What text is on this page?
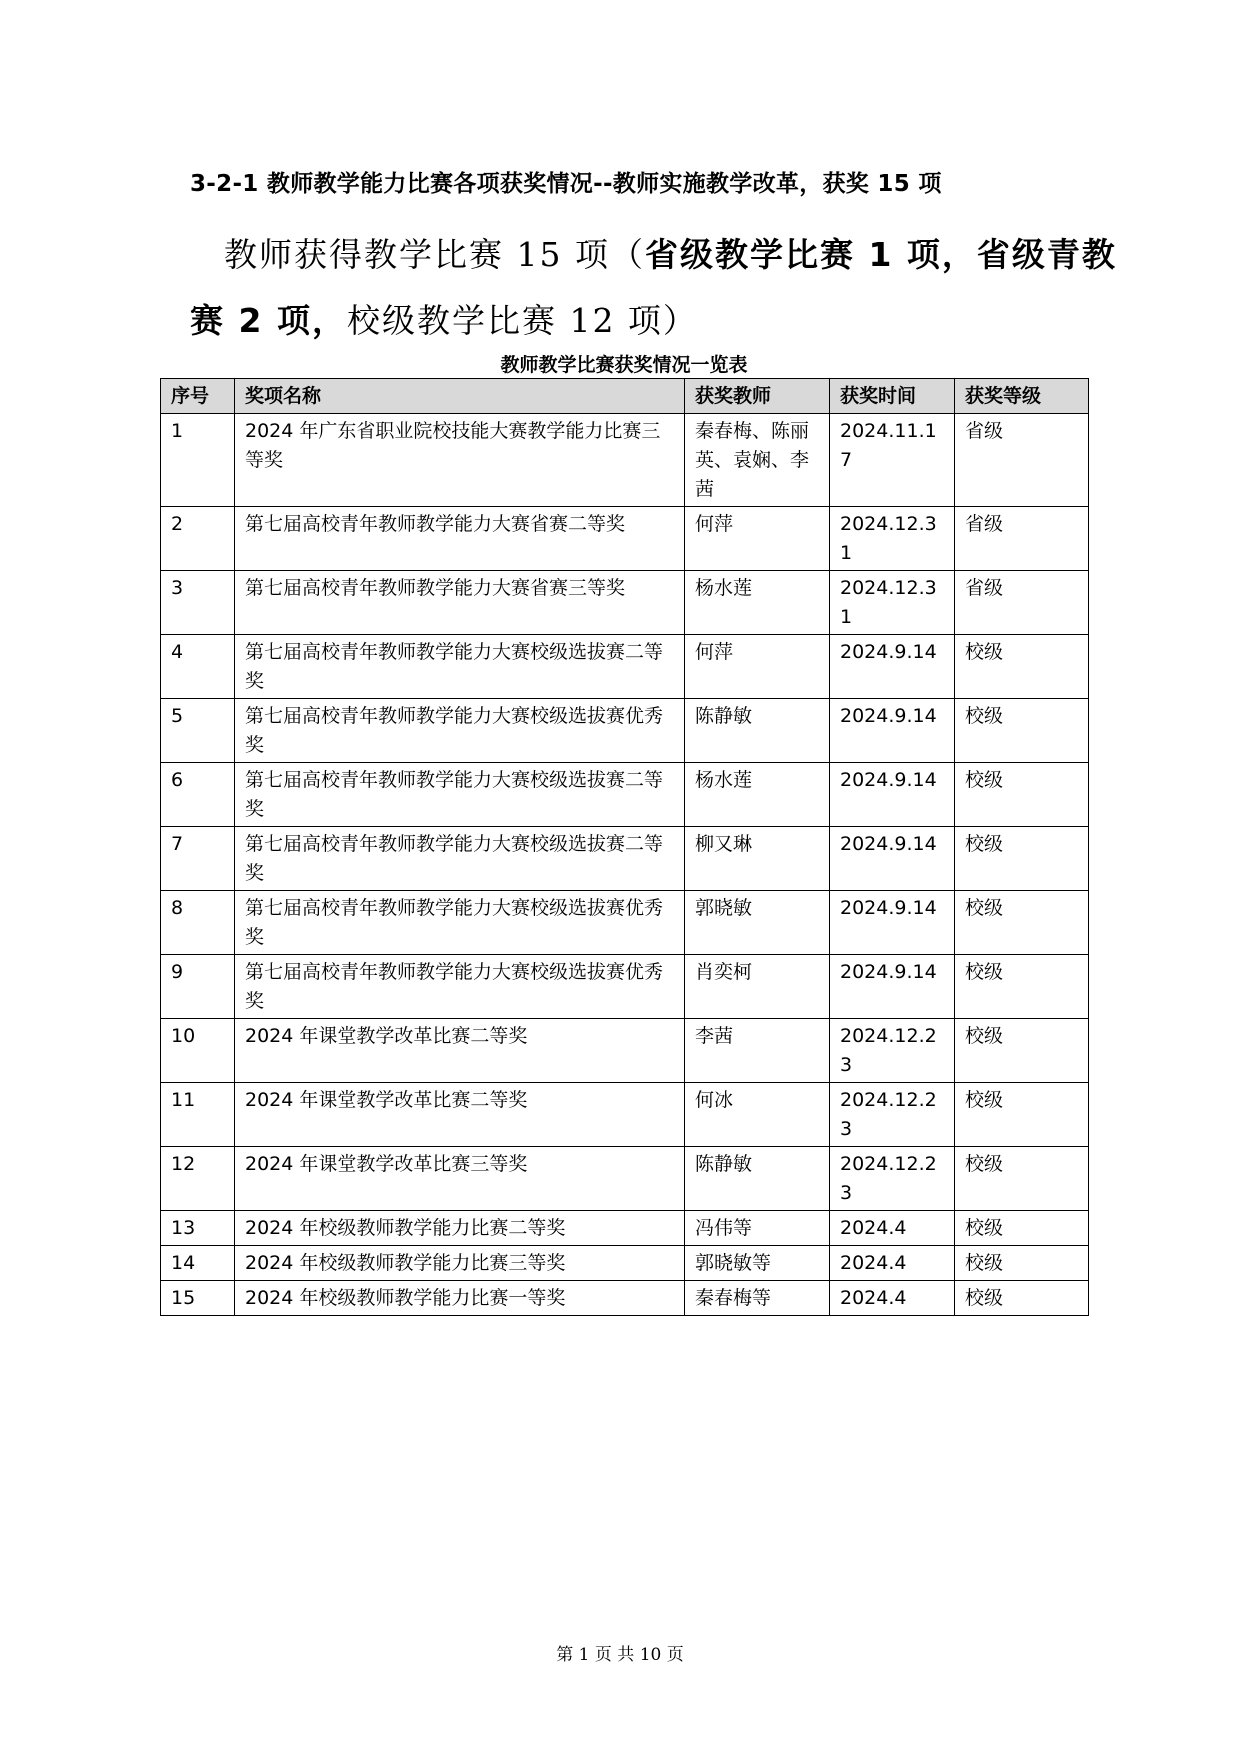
3-2-1 教师教学能力比赛各项获奖情况--教师实施教学改革，获奖 15 项
教师获得教学比赛 15 项（省级教学比赛 1 项，省级青教
赛 2 项，校级教学比赛 12 项）
教师教学比赛获奖情况一览表
序号	奖项名称	获奖教师	获奖时间	获奖等级
1	2024 年广东省职业院校技能大赛教学能力比赛三等奖	秦春梅、陈丽英、袁娴、李茜	2024.11.17	省级
2	第七届高校青年教师教学能力大赛省赛二等奖	何萍	2024.12.31	省级
3	第七届高校青年教师教学能力大赛省赛三等奖	杨水莲	2024.12.31	省级
4	第七届高校青年教师教学能力大赛校级选拔赛二等奖	何萍	2024.9.14	校级
5	第七届高校青年教师教学能力大赛校级选拔赛优秀奖	陈静敏	2024.9.14	校级
6	第七届高校青年教师教学能力大赛校级选拔赛二等奖	杨水莲	2024.9.14	校级
7	第七届高校青年教师教学能力大赛校级选拔赛二等奖	柳又琳	2024.9.14	校级
8	第七届高校青年教师教学能力大赛校级选拔赛优秀奖	郭晓敏	2024.9.14	校级
9	第七届高校青年教师教学能力大赛校级选拔赛优秀奖	肖奕柯	2024.9.14	校级
10	2024 年课堂教学改革比赛二等奖	李茜	2024.12.23	校级
11	2024 年课堂教学改革比赛二等奖	何冰	2024.12.23	校级
12	2024 年课堂教学改革比赛三等奖	陈静敏	2024.12.23	校级
13	2024 年校级教师教学能力比赛二等奖	冯伟等	2024.4	校级
14	2024 年校级教师教学能力比赛三等奖	郭晓敏等	2024.4	校级
15	2024 年校级教师教学能力比赛一等奖	秦春梅等	2024.4	校级
第 1 页 共 10 页
